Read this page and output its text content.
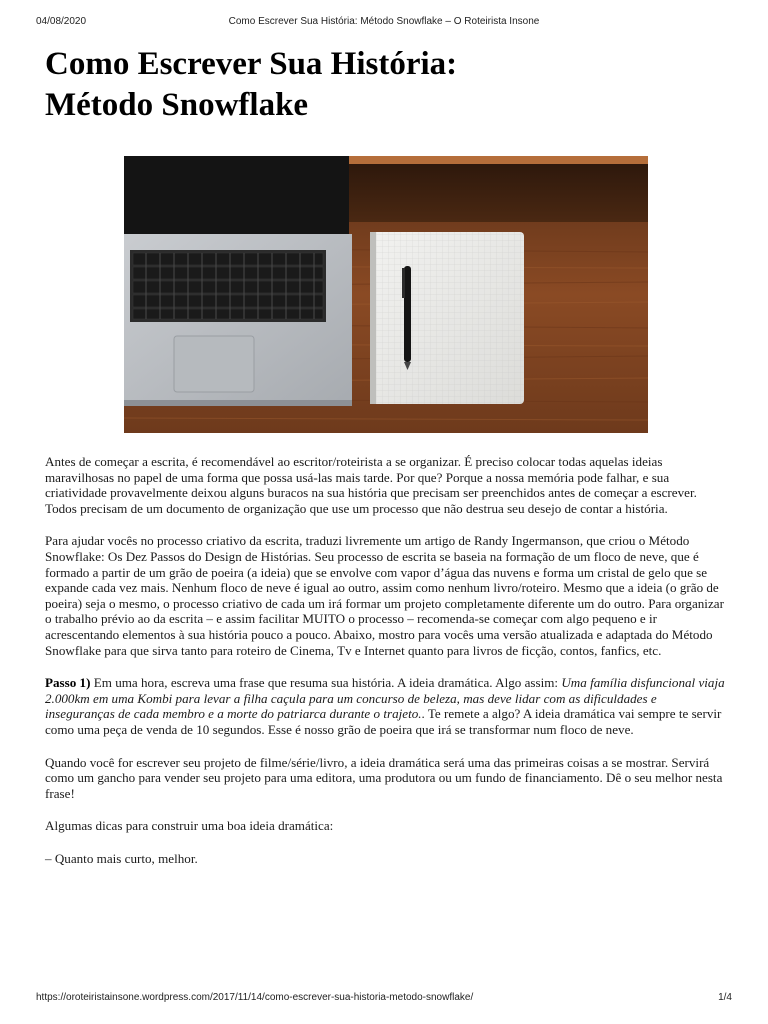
04/08/2020	Como Escrever Sua História: Método Snowflake – O Roteirista Insone
Como Escrever Sua História:
Método Snowflake

Antes de começar a escrita, é recomendável ao escritor/roteirista a se organizar. É preciso colocar todas aquelas ideias maravilhosas no papel de uma forma que possa usá-las mais tarde. Por que? Porque a nossa memória pode falhar, e sua criatividade provavelmente deixou alguns buracos na sua história que precisam ser preenchidos antes de começar a escrever. Todos precisam de um documento de organização que use um processo que não destrua seu desejo de contar a história.

Para ajudar vocês no processo criativo da escrita, traduzi livremente um artigo de Randy Ingermanson, que criou o Método Snowflake: Os Dez Passos do Design de Histórias. Seu processo de escrita se baseia na formação de um floco de neve, que é formado a partir de um grão de poeira (a ideia) que se envolve com vapor d’água das nuvens e forma um cristal de gelo que se expande cada vez mais. Nenhum floco de neve é igual ao outro, assim como nenhum livro/roteiro. Mesmo que a ideia (o grão de poeira) seja o mesmo, o processo criativo de cada um irá formar um projeto completamente diferente um do outro. Para organizar o trabalho prévio ao da escrita – e assim facilitar MUITO o processo – recomenda-se começar com algo pequeno e ir acrescentando elementos à sua história pouco a pouco. Abaixo, mostro para vocês uma versão atualizada e adaptada do Método Snowflake para que sirva tanto para roteiro de Cinema, Tv e Internet quanto para livros de ficção, contos, fanfics, etc.

Passo 1) Em uma hora, escreva uma frase que resuma sua história. A ideia dramática. Algo assim: Uma família disfuncional viaja 2.000km em uma Kombi para levar a filha caçula para um concurso de beleza, mas deve lidar com as dificuldades e inseguranças de cada membro e a morte do patriarca durante o trajeto.. Te remete a algo? A ideia dramática vai sempre te servir como uma peça de venda de 10 segundos. Esse é nosso grão de poeira que irá se transformar num floco de neve.

Quando você for escrever seu projeto de filme/série/livro, a ideia dramática será uma das primeiras coisas a se mostrar. Servirá como um gancho para vender seu projeto para uma editora, uma produtora ou um fundo de financiamento. Dê o seu melhor nesta frase!

Algumas dicas para construir uma boa ideia dramática:

– Quanto mais curto, melhor.

https://oroteiristainsone.wordpress.com/2017/11/14/como-escrever-sua-historia-metodo-snowflake/	1/4
